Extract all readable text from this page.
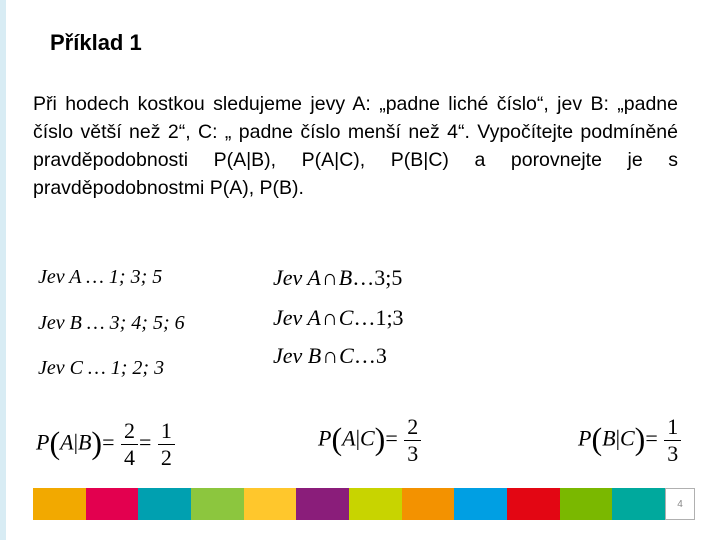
Příklad 1
Při hodech kostkou sledujeme jevy A: „padne liché číslo“, jev B: „padne číslo větší než 2“, C: „ padne číslo menší než 4“. Vypočítejte podmíněné pravděpodobnosti P(A|B), P(A|C), P(B|C) a porovnejte je s pravděpodobnostmi P(A), P(B).
Jev A … 1; 3; 5
Jev B … 3; 4; 5; 6
Jev C … 1; 2; 3
Jev A∩B…3;5
Jev A∩C…1;3
Jev B∩C…3
$P(A|B)= \frac{2}{4} = \frac{1}{2}$	$P(A|C)= \frac{2}{3}$	$P(B|C)= \frac{1}{3}$
4
